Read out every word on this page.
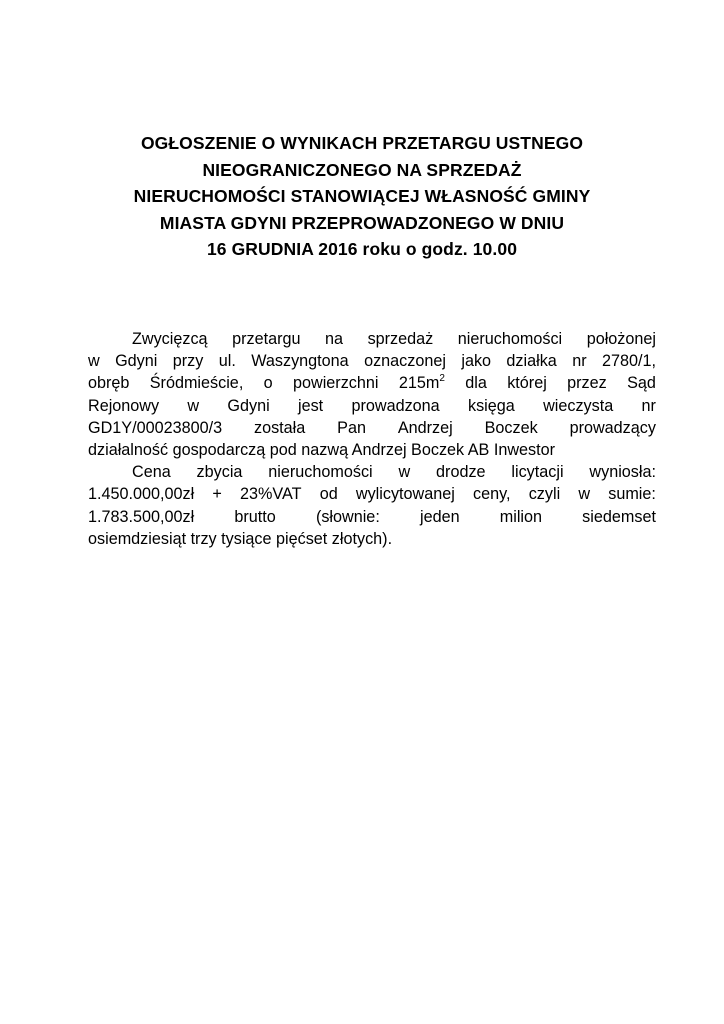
OGŁOSZENIE O WYNIKACH PRZETARGU USTNEGO
NIEOGRANICZONEGO NA SPRZEDAŻ
NIERUCHOMOŚCI STANOWIĄCEJ WŁASNOŚĆ GMINY
MIASTA GDYNI PRZEPROWADZONEGO W DNIU
16 GRUDNIA 2016 roku o godz. 10.00
Zwycięzcą przetargu na sprzedaż nieruchomości położonej
w Gdyni przy ul. Waszyngtona oznaczonej jako działka nr 2780/1,
obręb Śródmieście, o powierzchni $215m^2$ dla której przez Sąd
Rejonowy w Gdyni jest prowadzona księga wieczysta nr
GD1Y/00023800/3 została Pan Andrzej Boczek prowadzący
działalność gospodarczą pod nazwą Andrzej Boczek AB Inwestor
Cena zbycia nieruchomości w drodze licytacji wyniosła:
1.450.000,00zł + 23%VAT od wylicytowanej ceny, czyli w sumie:
1.783.500,00zł brutto (słownie: jeden milion siedemset
osiemdziesiąt trzy tysiące pięćset złotych).
